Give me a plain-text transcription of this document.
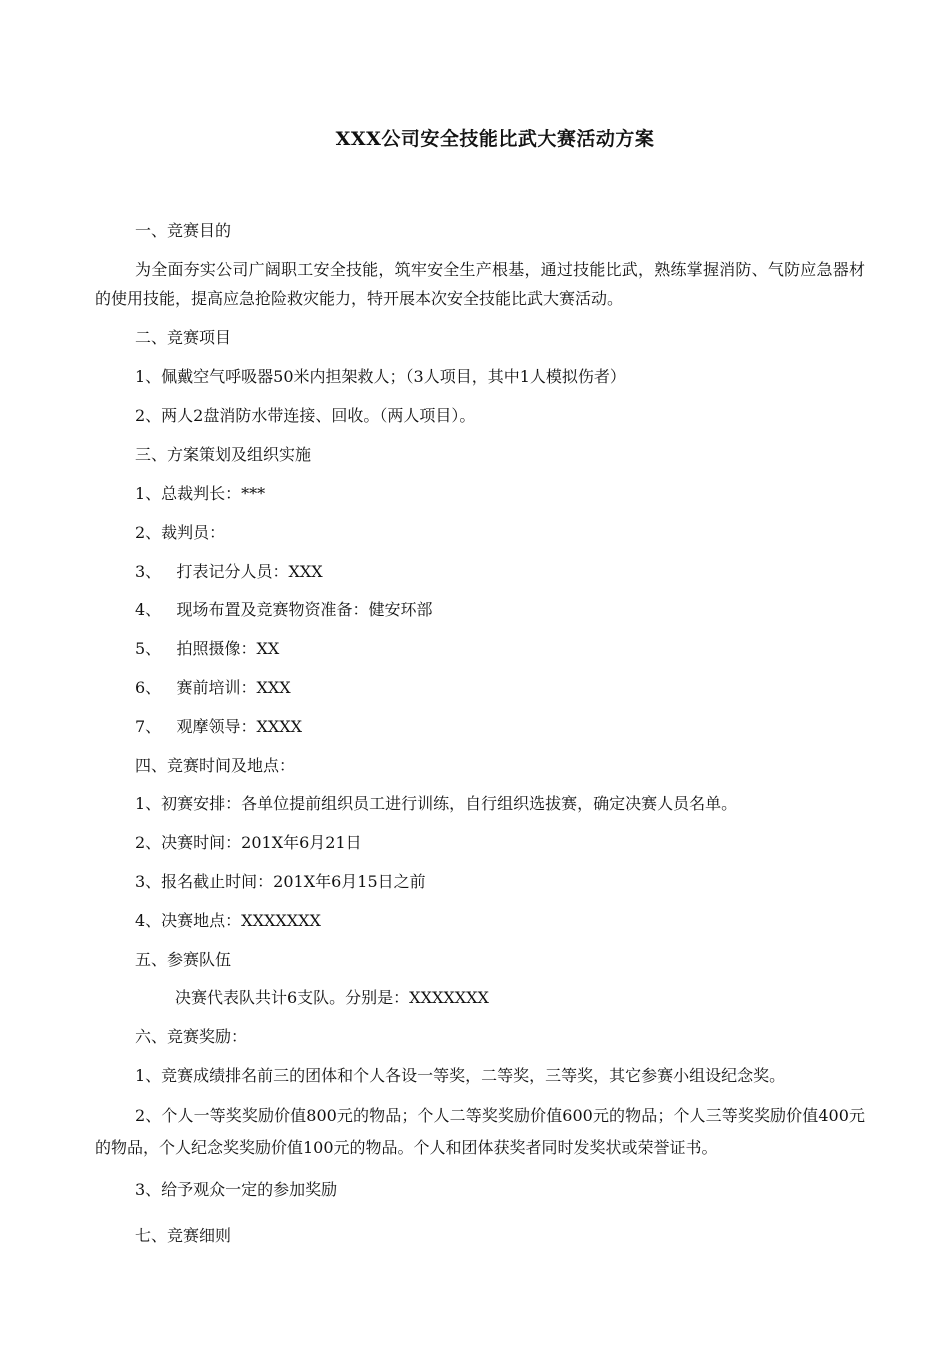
XXX公司安全技能比武大赛活动方案
一、竞赛目的
为全面夯实公司广阔职工安全技能，筑牢安全生产根基，通过技能比武，熟练掌握消防、气防应急器材的使用技能，提高应急抢险救灾能力，特开展本次安全技能比武大赛活动。
二、竞赛项目
1、佩戴空气呼吸器50米内担架救人；（3人项目，其中1人模拟伤者）
2、两人2盘消防水带连接、回收。（两人项目）。
三、方案策划及组织实施
1、总裁判长：***
2、裁判员：
3、   打表记分人员：XXX
4、   现场布置及竞赛物资准备：健安环部
5、   拍照摄像：XX
6、   赛前培训：XXX
7、   观摩领导：XXXX
四、竞赛时间及地点：
1、初赛安排：各单位提前组织员工进行训练，自行组织选拔赛，确定决赛人员名单。
2、决赛时间：201X年6月21日
3、报名截止时间：201X年6月15日之前
4、决赛地点：XXXXXXX
五、参赛队伍
决赛代表队共计6支队。分别是：XXXXXXX
六、竞赛奖励：
1、竞赛成绩排名前三的团体和个人各设一等奖，二等奖，三等奖，其它参赛小组设纪念奖。
2、个人一等奖奖励价值800元的物品；个人二等奖奖励价值600元的物品；个人三等奖奖励价值400元的物品，个人纪念奖奖励价值100元的物品。个人和团体获奖者同时发奖状或荣誉证书。
3、给予观众一定的参加奖励
七、竞赛细则
